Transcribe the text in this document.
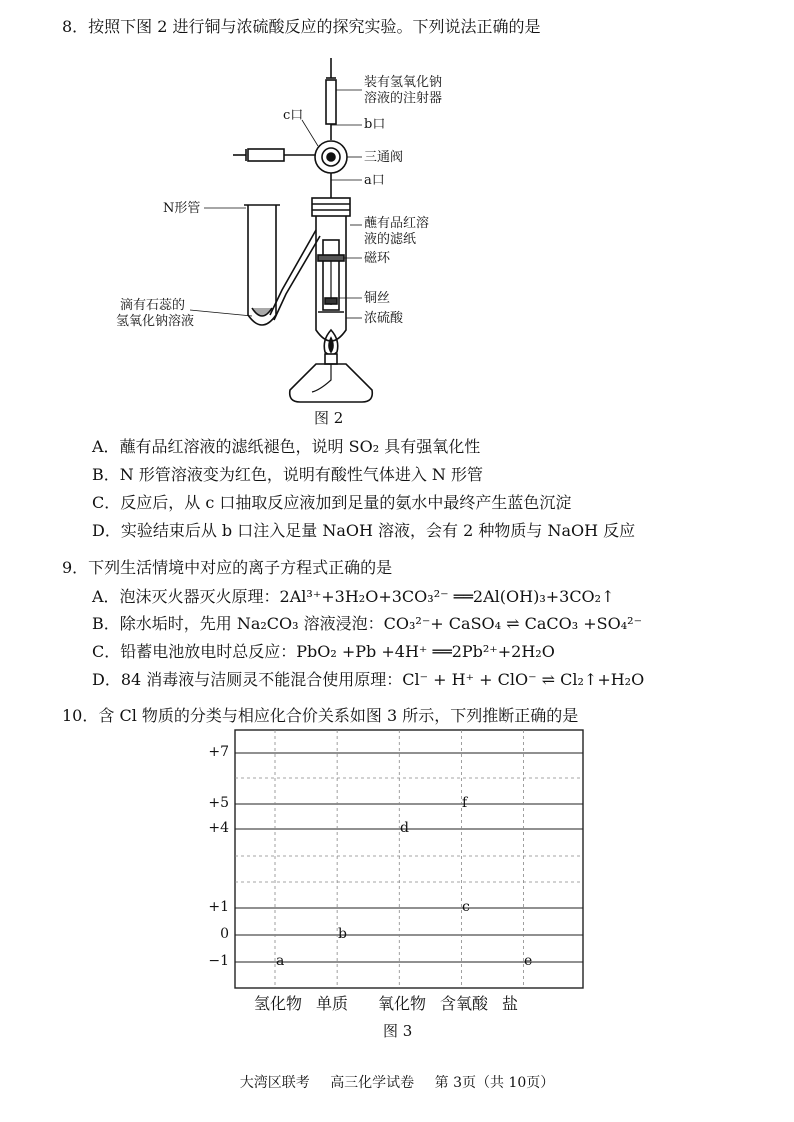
8．按照下图 2 进行铜与浓硫酸反应的探究实验。下列说法正确的是
装有氢氧化钠
溶液的注射器
c口
b口
三通阀
a口
N形管
蘸有品红溶
液的滤纸
磁环
滴有石蕊的
氢氧化钠溶液
铜丝
浓硫酸
图 2
A．蘸有品红溶液的滤纸褪色，说明 SO₂ 具有强氧化性
B．N 形管溶液变为红色，说明有酸性气体进入 N 形管
C．反应后，从 c 口抽取反应液加到足量的氨水中最终产生蓝色沉淀
D．实验结束后从 b 口注入足量 NaOH 溶液，会有 2 种物质与 NaOH 反应
9．下列生活情境中对应的离子方程式正确的是
A．泡沫灭火器灭火原理：2Al³⁺+3H₂O+3CO₃²⁻ ══2Al(OH)₃+3CO₂↑
B．除水垢时，先用 Na₂CO₃ 溶液浸泡：CO₃²⁻+ CaSO₄ ⇌ CaCO₃ +SO₄²⁻
C．铅蓄电池放电时总反应：PbO₂ +Pb +4H⁺ ══2Pb²⁺+2H₂O
D．84 消毒液与洁厕灵不能混合使用原理：Cl⁻ + H⁺ + ClO⁻ ⇌ Cl₂↑+H₂O
10．含 Cl 物质的分类与相应化合价关系如图 3 所示，下列推断正确的是
+7
+5
+4
+1
0
−1
氢化物 单质 氧化物 含氧酸 盐
a
b
c
d
e
f
图 3
大湾区联考 高三化学试卷 第 3页（共 10页）
